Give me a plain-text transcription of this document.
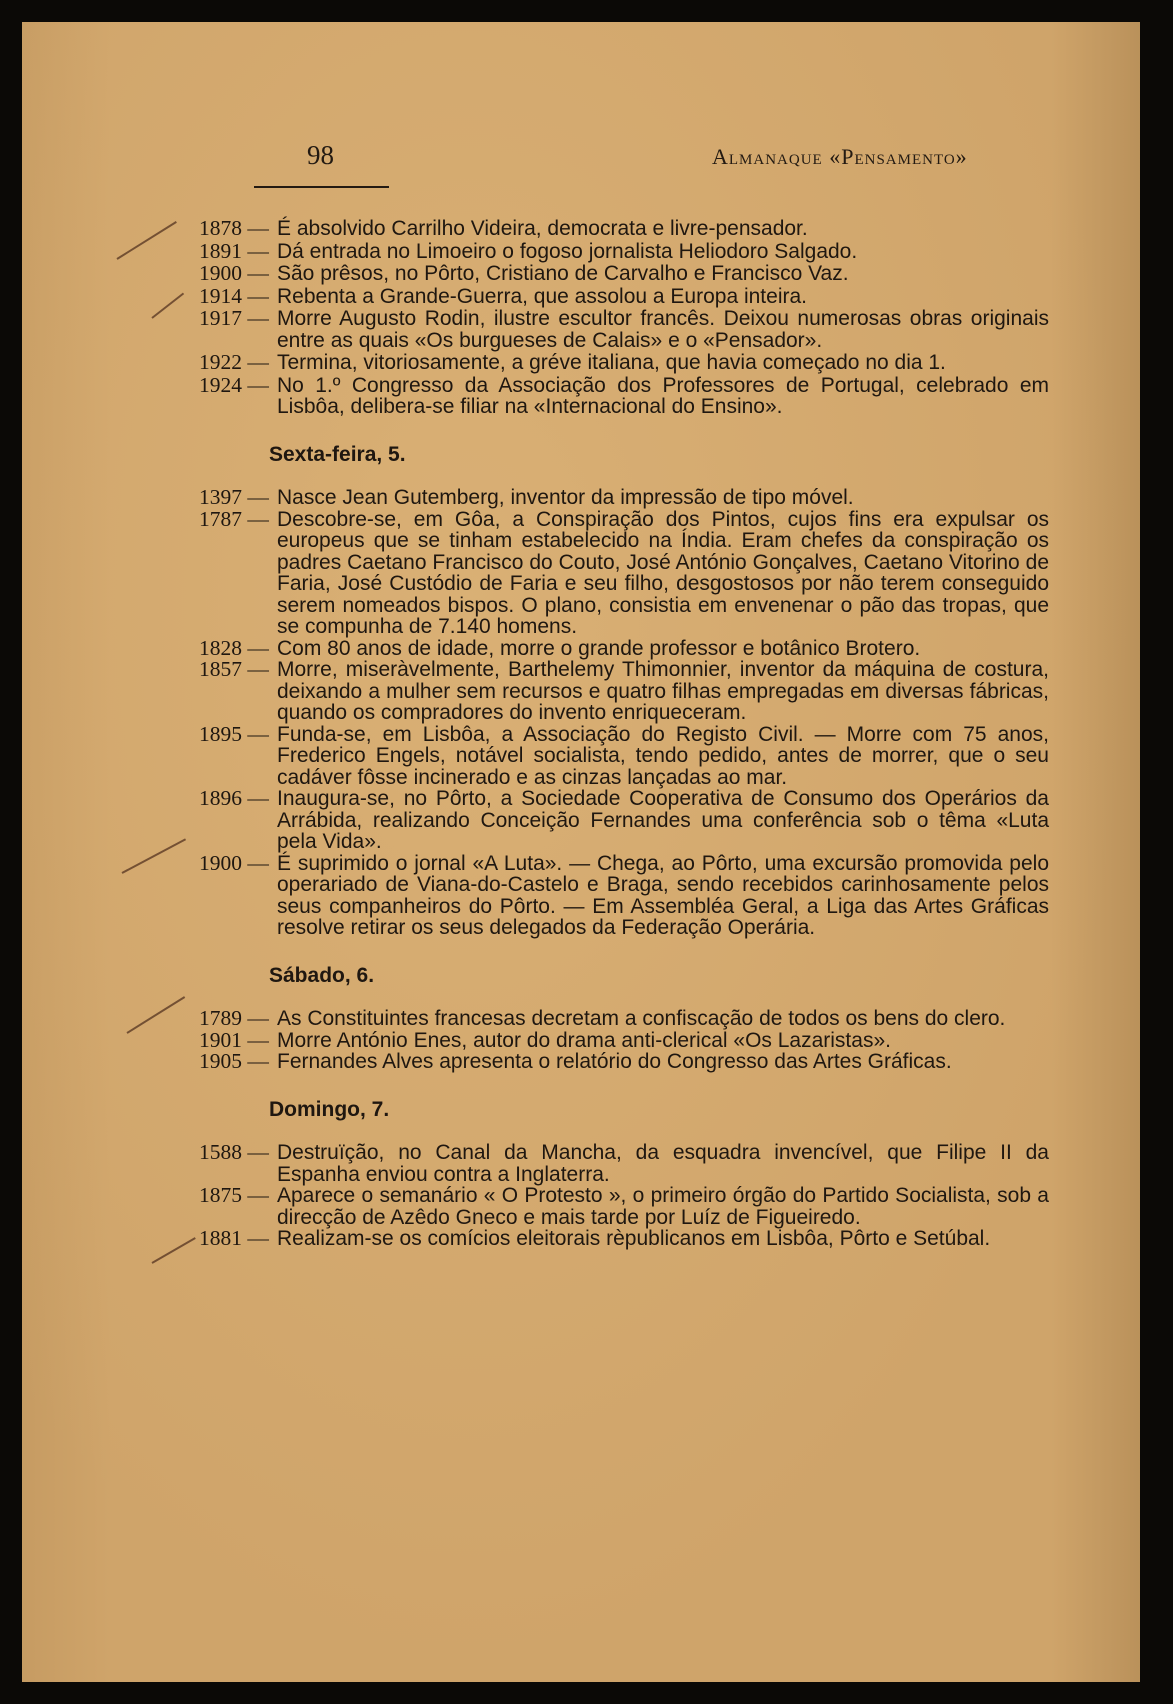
98	Almanaque «Pensamento»
1878 —	É absolvido Carrilho Videira, democrata e livre-pensador.
1891 —	Dá entrada no Limoeiro o fogoso jornalista Heliodoro Salgado.
1900 —	São prêsos, no Pôrto, Cristiano de Carvalho e Francisco Vaz.
1914 —	Rebenta a Grande-Guerra, que assolou a Europa inteira.
1917 —	Morre Augusto Rodin, ilustre escultor francês. Deixou numerosas obras originais entre as quais «Os burgueses de Calais» e o «Pensador».
1922 —	Termina, vitoriosamente, a gréve italiana, que havia começado no dia 1.
1924 —	No 1.º Congresso da Associação dos Professores de Portugal, celebrado em Lisbôa, delibera-se filiar na «Internacional do Ensino».
Sexta-feira, 5.
1397 —	Nasce Jean Gutemberg, inventor da impressão de tipo móvel.
1787 —	Descobre-se, em Gôa, a Conspiração dos Pintos, cujos fins era expulsar os europeus que se tinham estabelecido na Índia. Eram chefes da conspiração os padres Caetano Francisco do Couto, José António Gonçalves, Caetano Vitorino de Faria, José Custódio de Faria e seu filho, desgostosos por não terem conseguido serem nomeados bispos. O plano, consistia em envenenar o pão das tropas, que se compunha de 7.140 homens.
1828 —	Com 80 anos de idade, morre o grande professor e botânico Brotero.
1857 —	Morre, miseràvelmente, Barthelemy Thimonnier, inventor da máquina de costura, deixando a mulher sem recursos e quatro filhas empregadas em diversas fábricas, quando os compradores do invento enriqueceram.
1895 —	Funda-se, em Lisbôa, a Associação do Registo Civil. — Morre com 75 anos, Frederico Engels, notável socialista, tendo pedido, antes de morrer, que o seu cadáver fôsse incinerado e as cinzas lançadas ao mar.
1896 —	Inaugura-se, no Pôrto, a Sociedade Cooperativa de Consumo dos Operários da Arrábida, realizando Conceição Fernandes uma conferência sob o têma «Luta pela Vida».
1900 —	É suprimido o jornal «A Luta». — Chega, ao Pôrto, uma excursão promovida pelo operariado de Viana-do-Castelo e Braga, sendo recebidos carinhosamente pelos seus companheiros do Pôrto. — Em Assembléa Geral, a Liga das Artes Gráficas resolve retirar os seus delegados da Federação Operária.
Sábado, 6.
1789 —	As Constituintes francesas decretam a confiscação de todos os bens do clero.
1901 —	Morre António Enes, autor do drama anti-clerical «Os Lazaristas».
1905 —	Fernandes Alves apresenta o relatório do Congresso das Artes Gráficas.
Domingo, 7.
1588 —	Destruïção, no Canal da Mancha, da esquadra invencível, que Filipe II da Espanha enviou contra a Inglaterra.
1875 —	Aparece o semanário « O Protesto », o primeiro órgão do Partido Socialista, sob a direcção de Azêdo Gneco e mais tarde por Luíz de Figueiredo.
1881 —	Realizam-se os comícios eleitorais rèpublicanos em Lisbôa, Pôrto e Setúbal.
